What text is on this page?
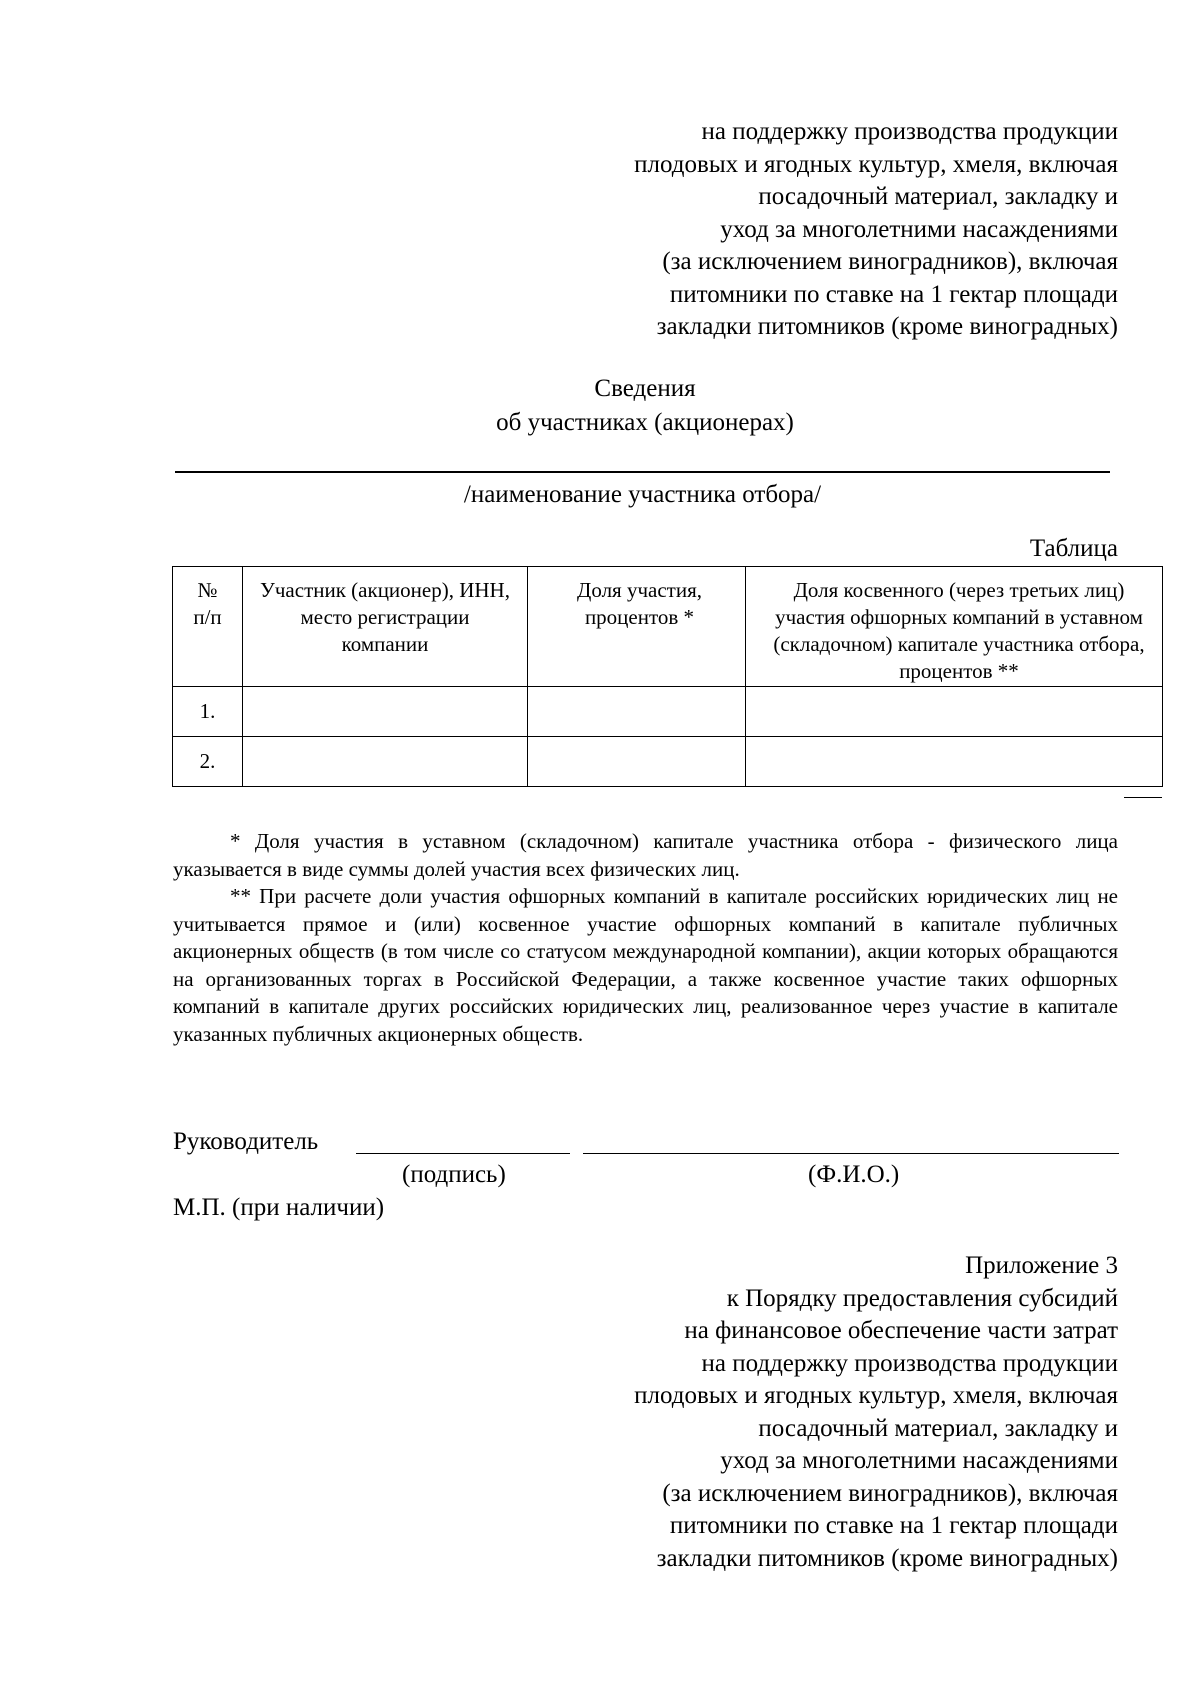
на поддержку производства продукции
плодовых и ягодных культур, хмеля, включая
посадочный материал, закладку и
уход за многолетними насаждениями
(за исключением виноградников), включая
питомники по ставке на 1 гектар площади
закладки питомников (кроме виноградных)
Сведения
об участниках (акционерах)
/наименование участника отбора/
Таблица
№ п/п	Участник (акционер), ИНН, место регистрации компании	Доля участия, процентов *	Доля косвенного (через третьих лиц) участия офшорных компаний в уставном (складочном) капитале участника отбора, процентов **
1.			
2.			

* Доля участия в уставном (складочном) капитале участника отбора - физического лица указывается в виде суммы долей участия всех физических лиц.

** При расчете доли участия офшорных компаний в капитале российских юридических лиц не учитывается прямое и (или) косвенное участие офшорных компаний в капитале публичных акционерных обществ (в том числе со статусом международной компании), акции которых обращаются на организованных торгах в Российской Федерации, а также косвенное участие таких офшорных компаний в капитале других российских юридических лиц, реализованное через участие в капитале указанных публичных акционерных обществ.

Руководитель
(подпись)	(Ф.И.О.)
М.П. (при наличии)
Приложение 3
к Порядку предоставления субсидий
на финансовое обеспечение части затрат
на поддержку производства продукции
плодовых и ягодных культур, хмеля, включая
посадочный материал, закладку и
уход за многолетними насаждениями
(за исключением виноградников), включая
питомники по ставке на 1 гектар площади
закладки питомников (кроме виноградных)
